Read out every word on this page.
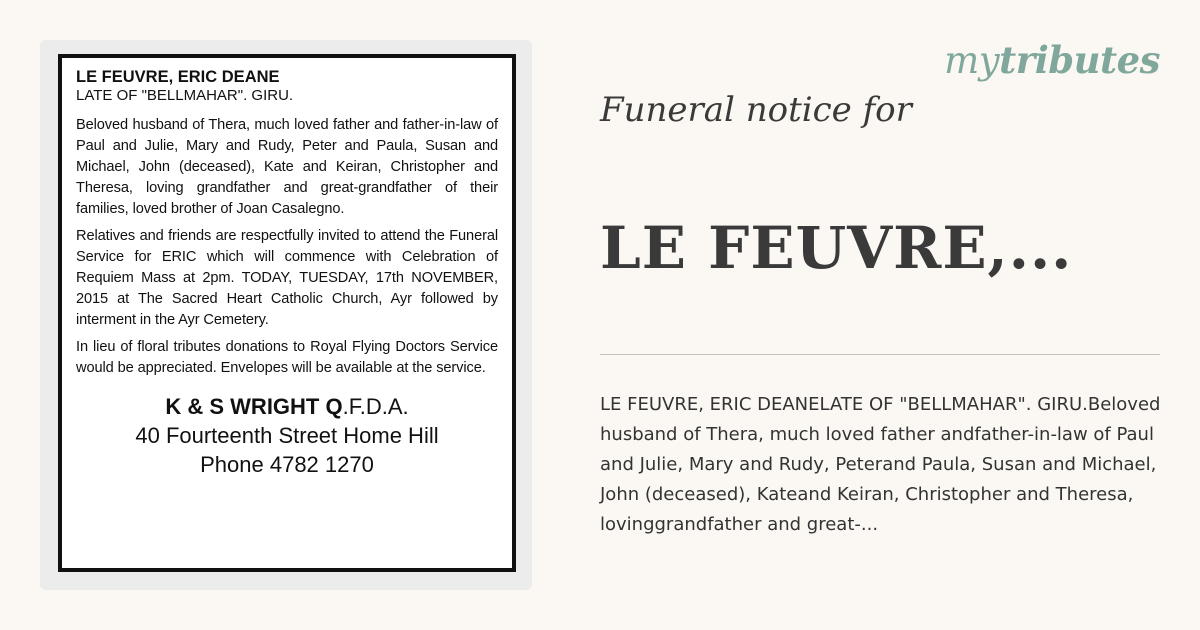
LE FEUVRE, ERIC DEANE
LATE OF "BELLMAHAR". GIRU.

Beloved husband of Thera, much loved father and father-in-law of Paul and Julie, Mary and Rudy, Peter and Paula, Susan and Michael, John (deceased), Kate and Keiran, Christopher and Theresa, loving grandfather and great-grandfather of their families, loved brother of Joan Casalegno.

Relatives and friends are respectfully invited to attend the Funeral Service for ERIC which will commence with Celebration of Requiem Mass at 2pm. TODAY, TUESDAY, 17th NOVEMBER, 2015 at The Sacred Heart Catholic Church, Ayr followed by interment in the Ayr Cemetery.

In lieu of floral tributes donations to Royal Flying Doctors Service would be appreciated. Envelopes will be available at the service.

K & S WRIGHT Q.F.D.A.
40 Fourteenth Street Home Hill
Phone 4782 1270
mytributes
Funeral notice for
LE FEUVRE,...
LE FEUVRE, ERIC DEANELATE OF "BELLMAHAR". GIRU.Beloved husband of Thera, much loved father andfather-in-law of Paul and Julie, Mary and Rudy, Peterand Paula, Susan and Michael, John (deceased), Kateand Keiran, Christopher and Theresa, lovinggrandfather and great-...
